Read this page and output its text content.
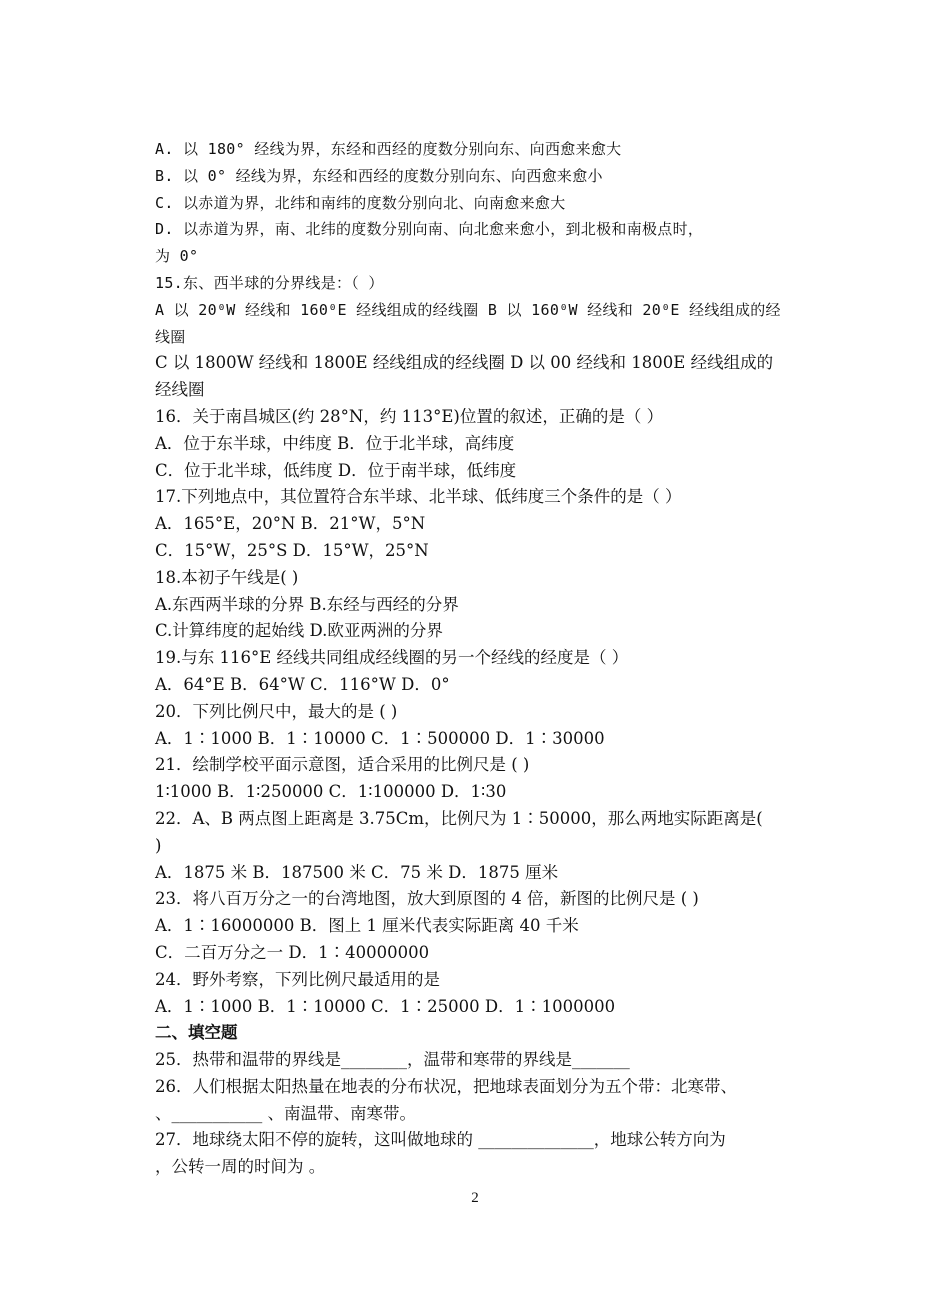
A. 以 180° 经线为界，东经和西经的度数分别向东、向西愈来愈大
B. 以 0° 经线为界，东经和西经的度数分别向东、向西愈来愈小
C. 以赤道为界，北纬和南纬的度数分别向北、向南愈来愈大
D. 以赤道为界，南、北纬的度数分别向南、向北愈来愈小，到北极和南极点时，
为 0°
15.东、西半球的分界线是：（ ）
A 以 20⁰W 经线和 160⁰E 经线组成的经线圈 B 以 160⁰W 经线和 20⁰E 经线组成的经
线圈
C 以 1800W 经线和 1800E 经线组成的经线圈 D 以 00 经线和 1800E 经线组成的
经线圈
16．关于南昌城区(约 28°N，约 113°E)位置的叙述，正确的是（ ）
A．位于东半球，中纬度 B．位于北半球，高纬度
C．位于北半球，低纬度 D．位于南半球，低纬度
17.下列地点中，其位置符合东半球、北半球、低纬度三个条件的是（ ）
A．165°E，20°N B．21°W，5°N
C．15°W，25°S D．15°W，25°N
18.本初子午线是( )
A.东西两半球的分界 B.东经与西经的分界
C.计算纬度的起始线 D.欧亚两洲的分界
19.与东 116°E 经线共同组成经线圈的另一个经线的经度是（ ）
A．64°E B．64°W C．116°W D．0°
20．下列比例尺中，最大的是 ( )
A．1∶1000 B．1∶10000 C．1∶500000 D．1∶30000
21．绘制学校平面示意图，适合采用的比例尺是 ( )
1∶1000 B．1∶250000 C．1∶100000 D．1∶30
22．A、B 两点图上距离是 3.75Cm，比例尺为 1∶50000，那么两地实际距离是(
)
A．1875 米 B．187500 米 C．75 米 D．1875 厘米
23．将八百万分之一的台湾地图，放大到原图的 4 倍，新图的比例尺是 ( )
A．1∶16000000 B．图上 1 厘米代表实际距离 40 千米
C．二百万分之一 D．1∶40000000
24．野外考察，下列比例尺最适用的是
A．1∶1000 B．1∶10000 C．1∶25000 D．1∶1000000
二、填空题
25．热带和温带的界线是________，温带和寒带的界线是_______
26．人们根据太阳热量在地表的分布状况，把地球表面划分为五个带：北寒带、
、___________ 、南温带、南寒带。
27．地球绕太阳不停的旋转，这叫做地球的 ______________，地球公转方向为
，公转一周的时间为 。
2
